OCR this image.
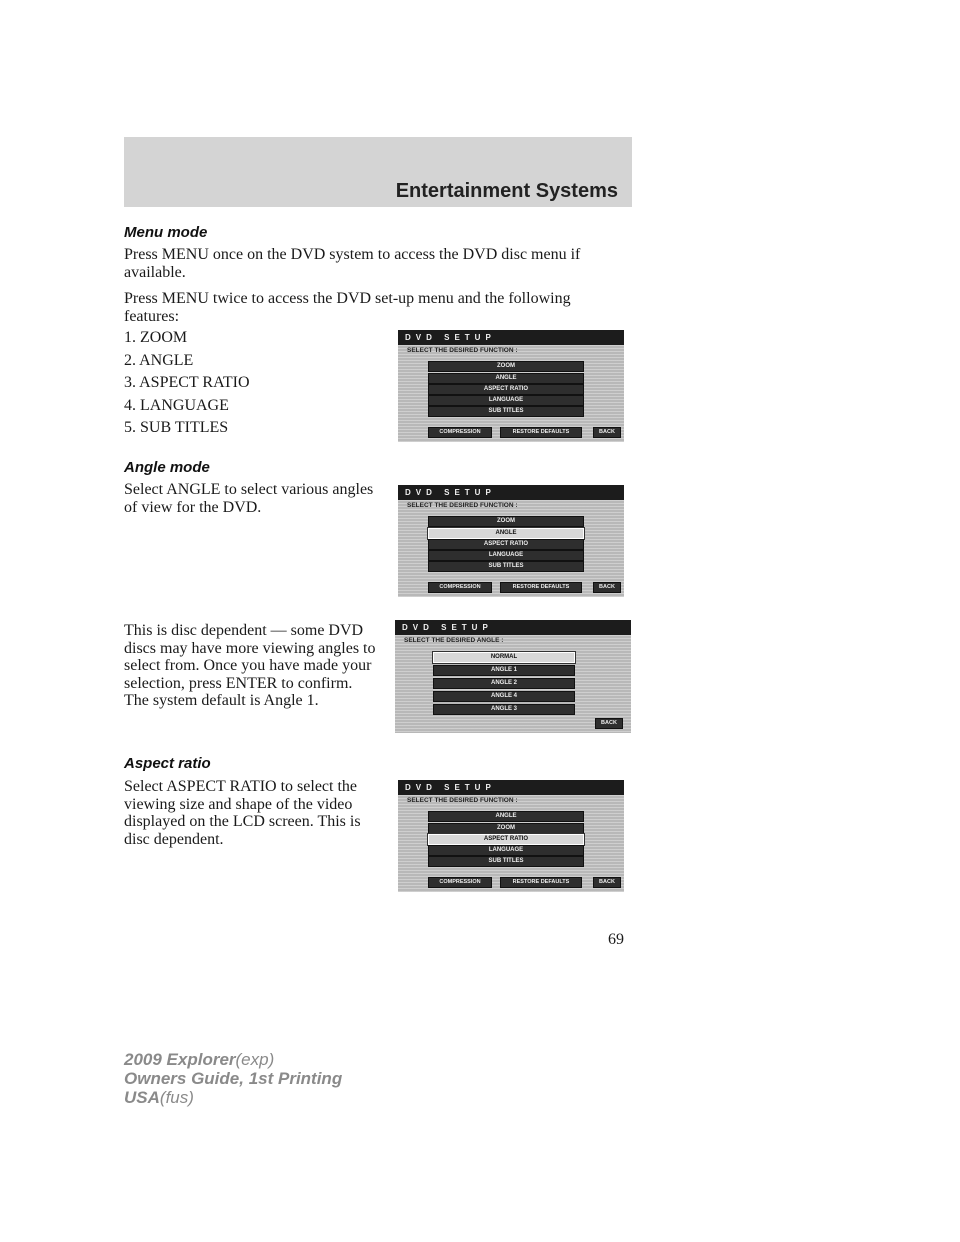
Entertainment Systems
Menu mode

Press MENU once on the DVD system to access the DVD disc menu if available.

Press MENU twice to access the DVD set-up menu and the following features:

1. ZOOM
2. ANGLE
3. ASPECT RATIO
4. LANGUAGE
5. SUB TITLES
DVD SETUP
SELECT THE DESIRED FUNCTION :
ZOOM
ANGLE
ASPECT RATIO
LANGUAGE
SUB TITLES
COMPRESSION	RESTORE DEFAULTS	BACK
Angle mode

Select ANGLE to select various angles of view for the DVD.

DVD SETUP
SELECT THE DESIRED FUNCTION :
ZOOM
ANGLE
ASPECT RATIO
LANGUAGE
SUB TITLES
COMPRESSION	RESTORE DEFAULTS	BACK

This is disc dependent — some DVD discs may have more viewing angles to select from. Once you have made your selection, press ENTER to confirm. The system default is Angle 1.

DVD SETUP
SELECT THE DESIRED ANGLE :
NORMAL
ANGLE 1
ANGLE 2
ANGLE 4
ANGLE 3
BACK
Aspect ratio

Select ASPECT RATIO to select the viewing size and shape of the video displayed on the LCD screen. This is disc dependent.

DVD SETUP
SELECT THE DESIRED FUNCTION :
ANGLE
ZOOM
ASPECT RATIO
LANGUAGE
SUB TITLES
COMPRESSION	RESTORE DEFAULTS	BACK
69
2009 Explorer(exp)
Owners Guide, 1st Printing
USA(fus)
